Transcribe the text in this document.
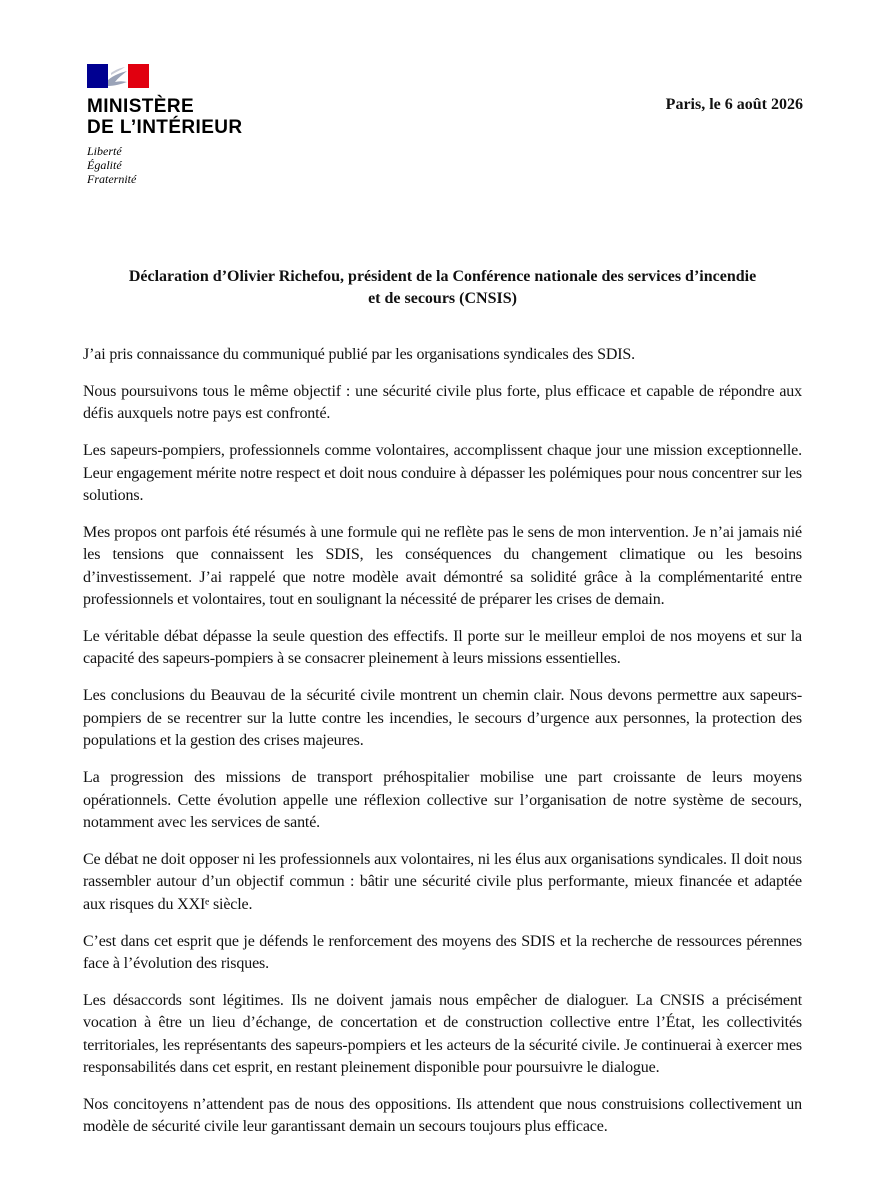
MINISTÈRE
DE L’INTÉRIEUR
Liberté
Égalité
Fraternité
Paris, le 6 août 2026
Déclaration d’Olivier Richefou, président de la Conférence nationale des services d’incendie
et de secours (CNSIS)

J’ai pris connaissance du communiqué publié par les organisations syndicales des SDIS.

Nous poursuivons tous le même objectif : une sécurité civile plus forte, plus efficace et capable de répondre aux défis auxquels notre pays est confronté.

Les sapeurs-pompiers, professionnels comme volontaires, accomplissent chaque jour une mission exceptionnelle. Leur engagement mérite notre respect et doit nous conduire à dépasser les polémiques pour nous concentrer sur les solutions.

Mes propos ont parfois été résumés à une formule qui ne reflète pas le sens de mon intervention. Je n’ai jamais nié les tensions que connaissent les SDIS, les conséquences du changement climatique ou les besoins d’investissement. J’ai rappelé que notre modèle avait démontré sa solidité grâce à la complémentarité entre professionnels et volontaires, tout en soulignant la nécessité de préparer les crises de demain.

Le véritable débat dépasse la seule question des effectifs. Il porte sur le meilleur emploi de nos moyens et sur la capacité des sapeurs-pompiers à se consacrer pleinement à leurs missions essentielles.

Les conclusions du Beauvau de la sécurité civile montrent un chemin clair. Nous devons permettre aux sapeurs-pompiers de se recentrer sur la lutte contre les incendies, le secours d’urgence aux personnes, la protection des populations et la gestion des crises majeures.

La progression des missions de transport préhospitalier mobilise une part croissante de leurs moyens opérationnels. Cette évolution appelle une réflexion collective sur l’organisation de notre système de secours, notamment avec les services de santé.

Ce débat ne doit opposer ni les professionnels aux volontaires, ni les élus aux organisations syndicales. Il doit nous rassembler autour d’un objectif commun : bâtir une sécurité civile plus performante, mieux financée et adaptée aux risques du XXIᵉ siècle.

C’est dans cet esprit que je défends le renforcement des moyens des SDIS et la recherche de ressources pérennes face à l’évolution des risques.

Les désaccords sont légitimes. Ils ne doivent jamais nous empêcher de dialoguer. La CNSIS a précisément vocation à être un lieu d’échange, de concertation et de construction collective entre l’État, les collectivités territoriales, les représentants des sapeurs-pompiers et les acteurs de la sécurité civile. Je continuerai à exercer mes responsabilités dans cet esprit, en restant pleinement disponible pour poursuivre le dialogue.

Nos concitoyens n’attendent pas de nous des oppositions. Ils attendent que nous construisions collectivement un modèle de sécurité civile leur garantissant demain un secours toujours plus efficace.
